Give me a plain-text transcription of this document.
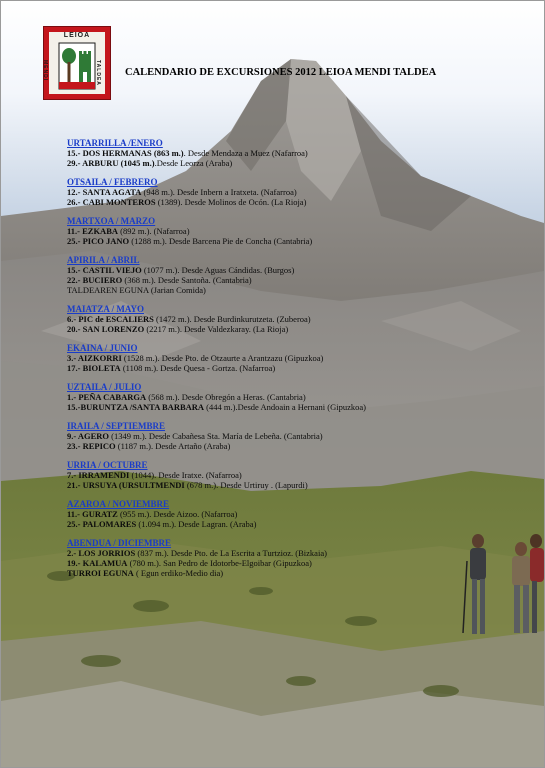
LEIOA
MENDI	TALDEA CALENDARIO DE EXCURSIONES 2012 LEIOA MENDI TALDEA
URTARRILLA /ENERO
15.- DOS HERMANAS (863 m.). Desde Mendaza a Muez (Nafarroa)
29.- ARBURU (1045 m.).Desde Leorza (Araba)
OTSAILA / FEBRERO
12.- SANTA AGATA (948 m.). Desde Inbern a Iratxeta. (Nafarroa)
26.- CABI MONTEROS (1389). Desde Molinos de Ocón. (La Rioja)
MARTXOA / MARZO
11.- EZKABA (892 m.). (Nafarroa)
25.- PICO JANO (1288 m.). Desde Barcena Pie de Concha (Cantabria)
APIRILA / ABRIL
15.- CASTIL VIEJO (1077 m.). Desde Aguas Cándidas. (Burgos)
22.- BUCIERO (368 m.). Desde Santoña. (Cantabria)
TALDEAREN EGUNA (Jarian Comida)
MAIATZA / MAYO
6.- PIC de ESCALIERS (1472 m.). Desde Burdinkurutzeta. (Zuberoa)
20.- SAN LORENZO (2217 m.). Desde Valdezkaray. (La Rioja)
EKAINA / JUNIO
3.- AIZKORRI (1528 m.). Desde Pto. de Otzaurte a Arantzazu (Gipuzkoa)
17.- BIOLETA (1108 m.). Desde Quesa - Gortza. (Nafarroa)
UZTAILA / JULIO
1.- PEÑA CABARGA (568 m.). Desde Obregón a Heras. (Cantabria)
15.-BURUNTZA /SANTA BARBARA (444 m.).Desde Andoain a Hernani (Gipuzkoa)
IRAILA / SEPTIEMBRE
9.- AGERO (1349 m.). Desde Cabañesa Sta. María de Lebeña. (Cantabria)
23.- REPICO (1187 m.). Desde Artaño (Araba)
URRIA / OCTUBRE
7.- IRRAMENDI (1044). Desde Iratxe. (Nafarroa)
21.- URSUYA (URSULTMENDI (678 m.). Desde Urtiruy . (Lapurdi)
AZAROA / NOVIEMBRE
11.- GURATZ (955 m.). Desde Aizoo. (Nafarroa)
25.- PALOMARES (1.094 m.). Desde Lagran. (Araba)
ABENDUA / DICIEMBRE
2.- LOS JORRIOS (837 m.). Desde Pto. de La Escrita a Turtzioz. (Bizkaia)
19.- KALAMUA (780 m.). San Pedro de Idotorbe-Elgoibar (Gipuzkoa)
TURROI EGUNA ( Egun erdiko-Medio dia)
